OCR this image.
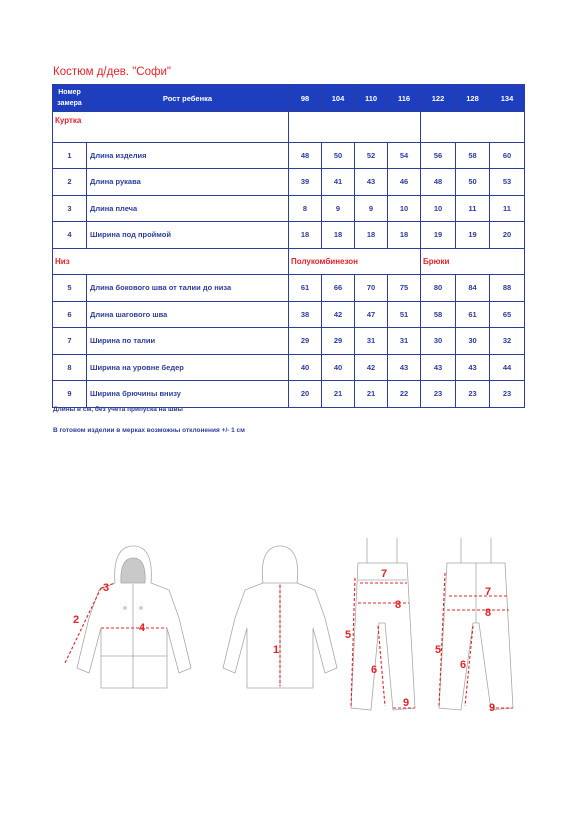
Костюм д/дев. "Софи"
Номер
замера	Рост ребенка	98	104	110	116	122	128	134
Куртка								
1	Длина изделия	48	50	52	54	56	58	60
2	Длина рукава	39	41	43	46	48	50	53
3	Длина плеча	8	9	9	10	10	11	11
4	Ширина под проймой	18	18	18	18	19	19	20
Низ		Полукомбинезон				Брюки		
5	Длина бокового шва от талии до низа	61	66	70	75	80	84	88
6	Длина шагового шва	38	42	47	51	58	61	65
7	Ширина по талии	29	29	31	31	30	30	32
8	Ширина на уровне бедер	40	40	42	43	43	43	44
9	Ширина брючины внизу	20	21	21	22	23	23	23
Длины в см, без учета припуска на швы
В готовом изделии в мерках возможны отклонения +/- 1 см
1
2
3
4
5
6
7
8
9
5
6
7
8
9
